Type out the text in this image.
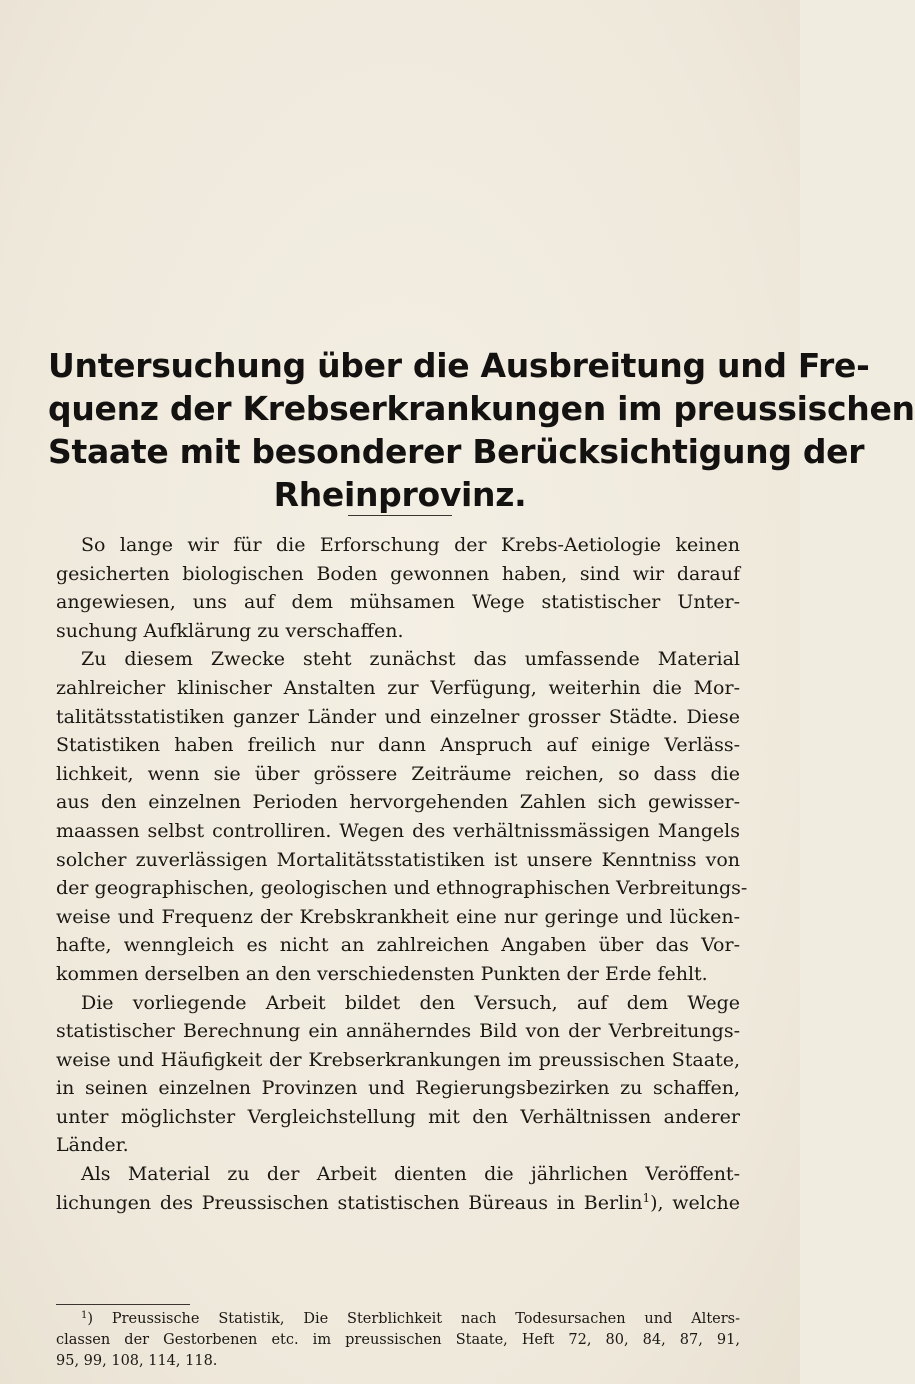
Untersuchung über die Ausbreitung und Fre-
quenz der Krebserkrankungen im preussischen
Staate mit besonderer Berücksichtigung der
Rheinprovinz.
So lange wir für die Erforschung der Krebs-Aetiologie keinen
gesicherten biologischen Boden gewonnen haben, sind wir darauf
angewiesen, uns auf dem mühsamen Wege statistischer Unter-
suchung Aufklärung zu verschaffen.
Zu diesem Zwecke steht zunächst das umfassende Material
zahlreicher klinischer Anstalten zur Verfügung, weiterhin die Mor-
talitätsstatistiken ganzer Länder und einzelner grosser Städte. Diese
Statistiken haben freilich nur dann Anspruch auf einige Verläss-
lichkeit, wenn sie über grössere Zeiträume reichen, so dass die
aus den einzelnen Perioden hervorgehenden Zahlen sich gewisser-
maassen selbst controlliren. Wegen des verhältnissmässigen Mangels
solcher zuverlässigen Mortalitätsstatistiken ist unsere Kenntniss von
der geographischen, geologischen und ethnographischen Verbreitungs-
weise und Frequenz der Krebskrankheit eine nur geringe und lücken-
hafte, wenngleich es nicht an zahlreichen Angaben über das Vor-
kommen derselben an den verschiedensten Punkten der Erde fehlt.
Die vorliegende Arbeit bildet den Versuch, auf dem Wege
statistischer Berechnung ein annäherndes Bild von der Verbreitungs-
weise und Häufigkeit der Krebserkrankungen im preussischen Staate,
in seinen einzelnen Provinzen und Regierungsbezirken zu schaffen,
unter möglichster Vergleichstellung mit den Verhältnissen anderer
Länder.
Als Material zu der Arbeit dienten die jährlichen Veröffent-
lichungen des Preussischen statistischen Büreaus in Berlin$^1$), welche
$^1$) Preussische Statistik, Die Sterblichkeit nach Todesursachen und Alters-
classen der Gestorbenen etc. im preussischen Staate, Heft 72, 80, 84, 87, 91,
95, 99, 108, 114, 118.
